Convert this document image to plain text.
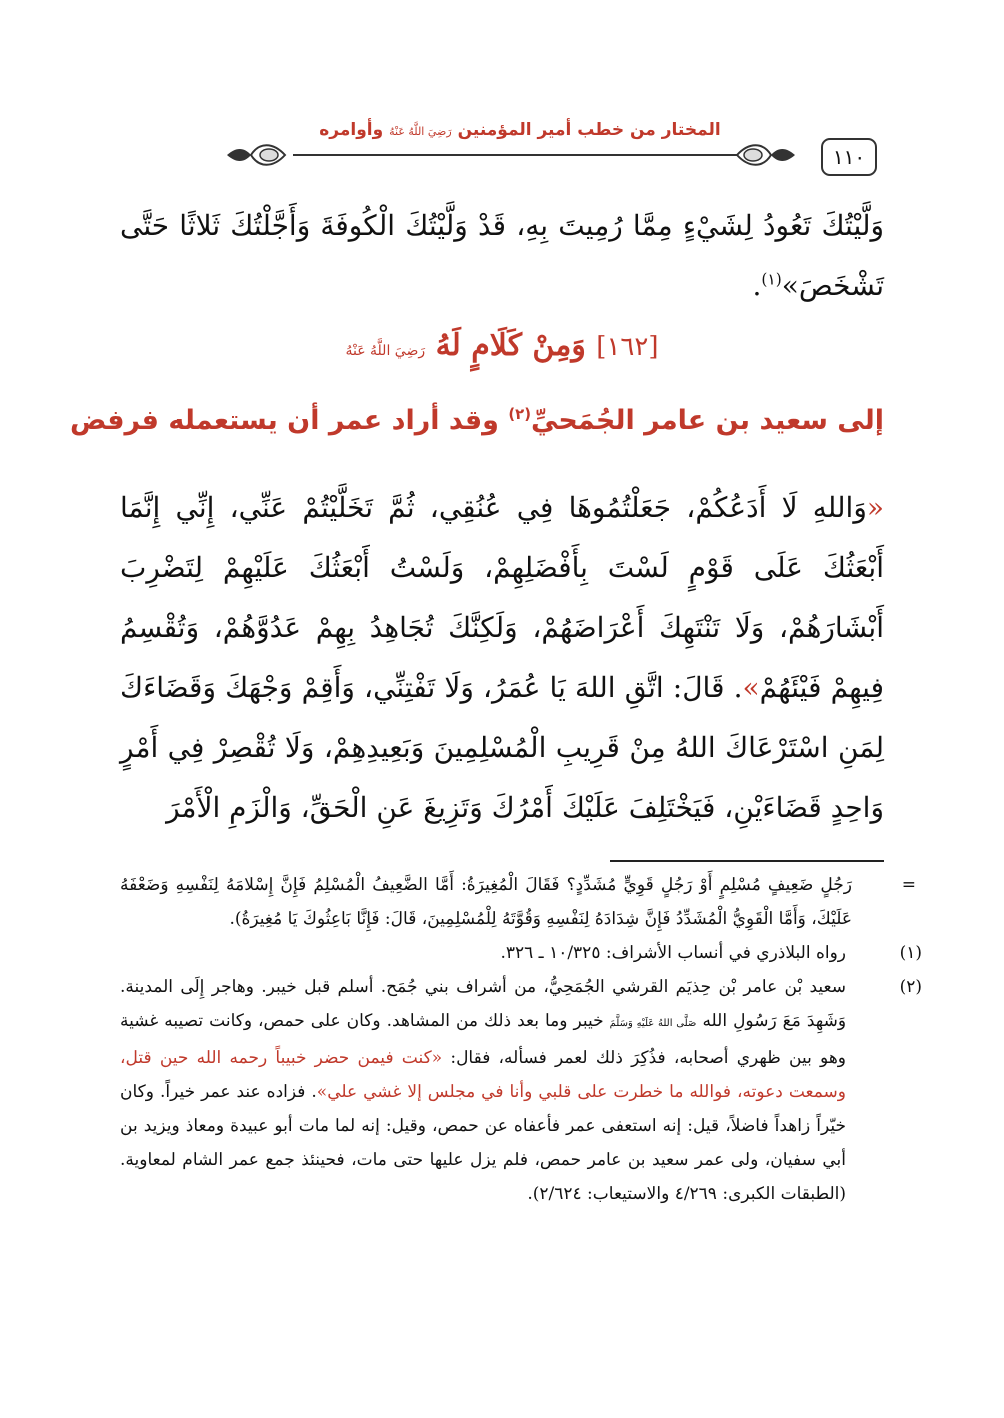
١١٠
المختار من خطب أمير المؤمنين رَضِيَ اللَّهُ عَنْهُ وأوامره
وَلَّيْتُكَ تَعُودُ لِشَيْءٍ مِمَّا رُمِيتَ بِهِ، قَدْ وَلَّيْتُكَ الْكُوفَةَ وَأَجَّلْتُكَ ثَلاثًا حَتَّى تَشْخَصَ»$^{(١)}$.
[١٦٢] وَمِنْ كَلَامٍ لَهُ رَضِيَ اللَّهُ عَنْهُ
إلى سعيد بن عامر الجُمَحيِّ$^{(٢)}$ وقد أراد عمر أن يستعمله فرفض
«وَاللهِ لَا أَدَعُكُمْ، جَعَلْتُمُوهَا فِي عُنُقِي، ثُمَّ تَخَلَّيْتُمْ عَنِّي، إِنِّي إِنَّمَا أَبْعَثُكَ عَلَى قَوْمٍ لَسْتَ بِأَفْضَلِهِمْ، وَلَسْتُ أَبْعَثُكَ عَلَيْهِمْ لِتَضْرِبَ أَبْشَارَهُمْ، وَلَا تَنْتَهِكَ أَعْرَاضَهُمْ، وَلَكِنَّكَ تُجَاهِدُ بِهِمْ عَدُوَّهُمْ، وَتُقْسِمُ فِيهِمْ فَيْئَهُمْ». قَالَ: اتَّقِ اللهَ يَا عُمَرُ، وَلَا تَفْتِنِّي، وَأَقِمْ وَجْهَكَ وَقَضَاءَكَ لِمَنِ اسْتَرْعَاكَ اللهُ مِنْ قَرِيبِ الْمُسْلِمِينَ وَبَعِيدِهِمْ، وَلَا تُقْصِرْ فِي أَمْرٍ وَاحِدٍ قَضَاءَيْنِ، فَيَخْتَلِفَ عَلَيْكَ أَمْرُكَ وَتَزِيغَ عَنِ الْحَقِّ، وَالْزَمِ الْأَمْرَ

=رَجُلٍ ضَعِيفٍ مُسْلِمٍ أَوْ رَجُلٍ قَوِيٍّ مُشَدِّدٍ؟ فَقَالَ الْمُغِيرَةُ: أَمَّا الضَّعِيفُ الْمُسْلِمُ فَإِنَّ إِسْلامَهُ لِنَفْسِهِ وَضَعْفَهُ عَلَيْكَ، وَأَمَّا الْقَوِيُّ الْمُشَدِّدُ فَإِنَّ شِدَادَهُ لِنَفْسِهِ وَقُوَّتَهُ لِلْمُسْلِمِينَ، قَالَ: فَإِنَّا بَاعِثُوكَ يَا مُغِيرَةُ).

(١)رواه البلاذري في أنساب الأشراف: ١٠/٣٢٥ ـ ٣٢٦.

(٢)سعيد بْن عامر بْن حِذيَم القرشي الجُمَحِيُّ، من أشراف بني جُمَح. أسلم قبل خيبر. وهاجر إِلَى المدينة. وَشَهِدَ مَعَ رَسُولِ الله صَلَّى اللهُ عَلَيْهِ وَسَلَّمَ خيبر وما بعد ذلك من المشاهد. وكان على حمص، وكانت تصيبه غشية وهو بين ظهري أصحابه، فذُكِرَ ذلك لعمر فسأله، فقال: «كنت فيمن حضر خبيباً رحمه الله حين قتل، وسمعت دعوته، فوالله ما خطرت على قلبي وأنا في مجلس إلا غشي علي». فزاده عند عمر خيراً. وكان خيّراً زاهداً فاضلاً، قيل: إنه استعفى عمر فأعفاه عن حمص، وقيل: إنه لما مات أبو عبيدة ومعاذ ويزيد بن أبي سفيان، ولى عمر سعيد بن عامر حمص، فلم يزل عليها حتى مات، فحينئذ جمع عمر الشام لمعاوية. (الطبقات الكبرى: ٤/٢٦٩ والاستيعاب: ٢/٦٢٤).
